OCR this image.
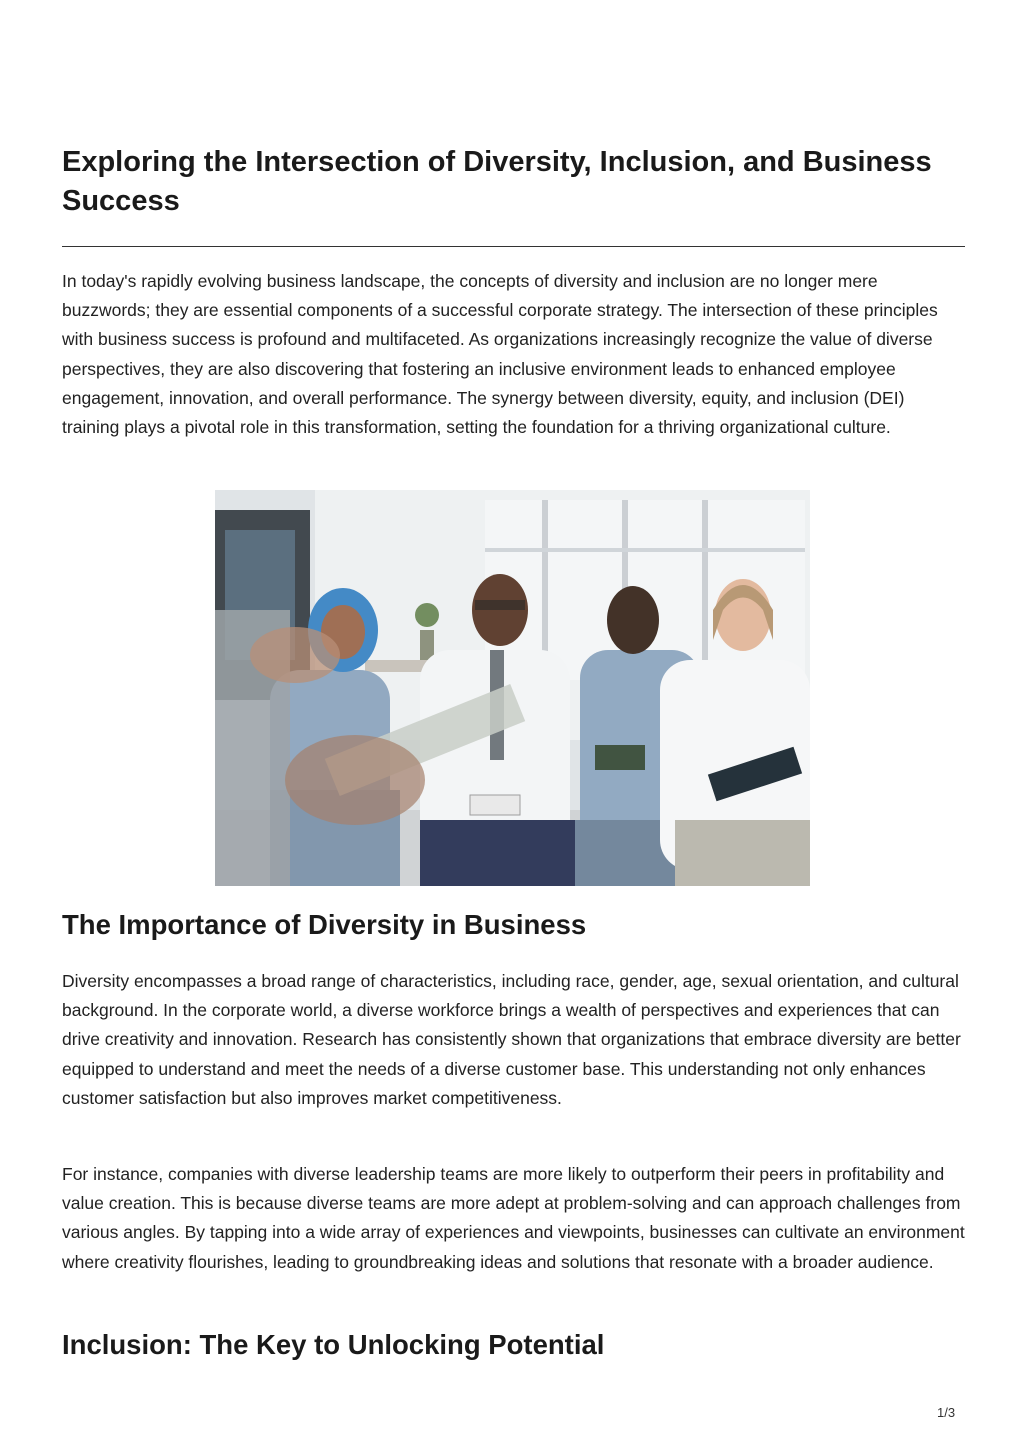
Exploring the Intersection of Diversity, Inclusion, and Business Success

In today's rapidly evolving business landscape, the concepts of diversity and inclusion are no longer mere buzzwords; they are essential components of a successful corporate strategy. The intersection of these principles with business success is profound and multifaceted. As organizations increasingly recognize the value of diverse perspectives, they are also discovering that fostering an inclusive environment leads to enhanced employee engagement, innovation, and overall performance. The synergy between diversity, equity, and inclusion (DEI) training plays a pivotal role in this transformation, setting the foundation for a thriving organizational culture.

The Importance of Diversity in Business

Diversity encompasses a broad range of characteristics, including race, gender, age, sexual orientation, and cultural background. In the corporate world, a diverse workforce brings a wealth of perspectives and experiences that can drive creativity and innovation. Research has consistently shown that organizations that embrace diversity are better equipped to understand and meet the needs of a diverse customer base. This understanding not only enhances customer satisfaction but also improves market competitiveness.

For instance, companies with diverse leadership teams are more likely to outperform their peers in profitability and value creation. This is because diverse teams are more adept at problem-solving and can approach challenges from various angles. By tapping into a wide array of experiences and viewpoints, businesses can cultivate an environment where creativity flourishes, leading to groundbreaking ideas and solutions that resonate with a broader audience.

Inclusion: The Key to Unlocking Potential
1/3
